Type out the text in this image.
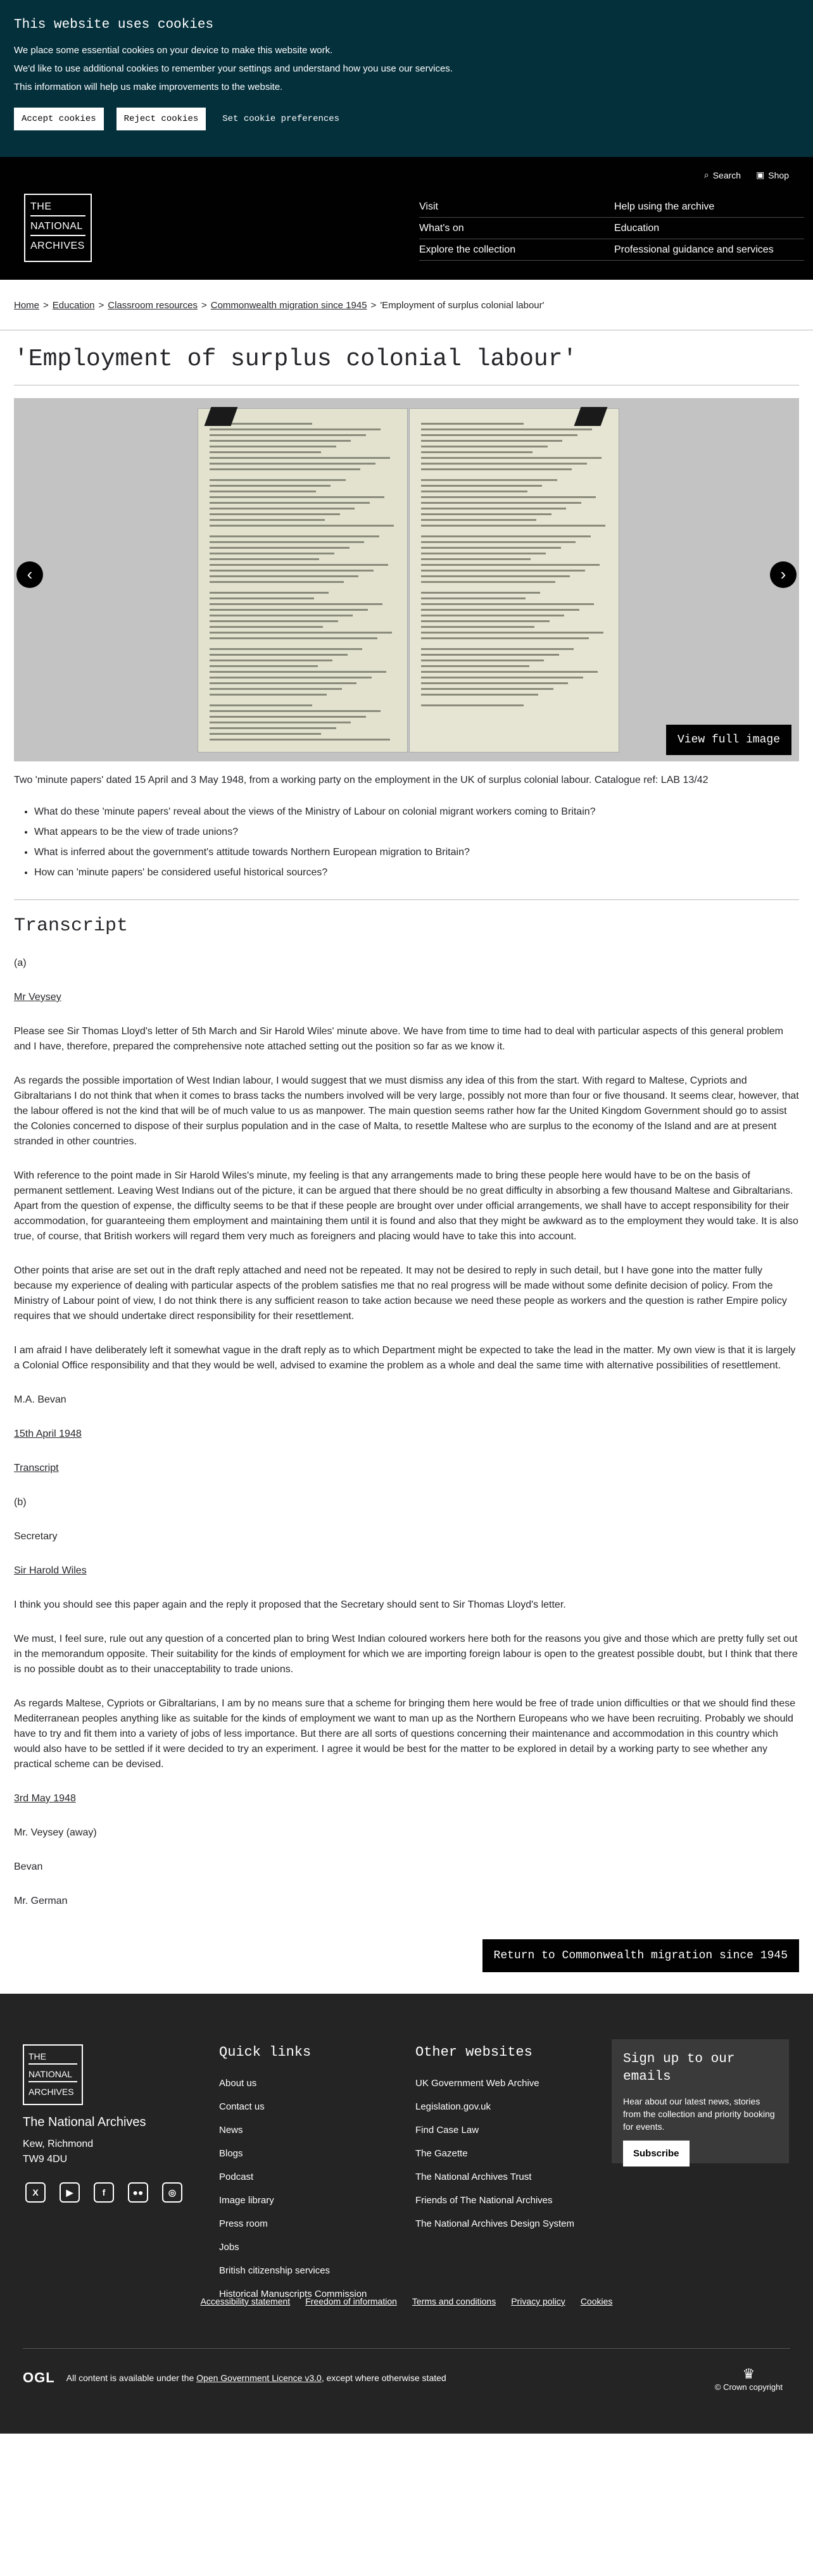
This website uses cookies

We place some essential cookies on your device to make this website work.

We'd like to use additional cookies to remember your settings and understand how you use our services.

This information will help us make improvements to the website.

Accept cookies	Reject cookies	Set cookie preferences
⌕ Search ▣ Shop
THE
NATIONAL
ARCHIVES
Visit	Help using the archive
What's on	Education
Explore the collection	Professional guidance and services
Home > Education > Classroom resources > Commonwealth migration since 1945 > 'Employment of surplus colonial labour'
'Employment of surplus colonial labour'
‹	›
View full image

Two 'minute papers' dated 15 April and 3 May 1948, from a working party on the employment in the UK of surplus colonial labour. Catalogue ref: LAB 13/42

• What do these 'minute papers' reveal about the views of the Ministry of Labour on colonial migrant workers coming to Britain?
• What appears to be the view of trade unions?
• What is inferred about the government's attitude towards Northern European migration to Britain?
• How can 'minute papers' be considered useful historical sources?
Transcript

(a)

Mr Veysey

Please see Sir Thomas Lloyd's letter of 5th March and Sir Harold Wiles' minute above. We have from time to time had to deal with particular aspects of this general problem and I have, therefore, prepared the comprehensive note attached setting out the position so far as we know it.

As regards the possible importation of West Indian labour, I would suggest that we must dismiss any idea of this from the start. With regard to Maltese, Cypriots and Gibraltarians I do not think that when it comes to brass tacks the numbers involved will be very large, possibly not more than four or five thousand. It seems clear, however, that the labour offered is not the kind that will be of much value to us as manpower. The main question seems rather how far the United Kingdom Government should go to assist the Colonies concerned to dispose of their surplus population and in the case of Malta, to resettle Maltese who are surplus to the economy of the Island and are at present stranded in other countries.

With reference to the point made in Sir Harold Wiles's minute, my feeling is that any arrangements made to bring these people here would have to be on the basis of permanent settlement. Leaving West Indians out of the picture, it can be argued that there should be no great difficulty in absorbing a few thousand Maltese and Gibraltarians. Apart from the question of expense, the difficulty seems to be that if these people are brought over under official arrangements, we shall have to accept responsibility for their accommodation, for guaranteeing them employment and maintaining them until it is found and also that they might be awkward as to the employment they would take. It is also true, of course, that British workers will regard them very much as foreigners and placing would have to take this into account.

Other points that arise are set out in the draft reply attached and need not be repeated. It may not be desired to reply in such detail, but I have gone into the matter fully because my experience of dealing with particular aspects of the problem satisfies me that no real progress will be made without some definite decision of policy. From the Ministry of Labour point of view, I do not think there is any sufficient reason to take action because we need these people as workers and the question is rather Empire policy requires that we should undertake direct responsibility for their resettlement.

I am afraid I have deliberately left it somewhat vague in the draft reply as to which Department might be expected to take the lead in the matter. My own view is that it is largely a Colonial Office responsibility and that they would be well, advised to examine the problem as a whole and deal the same time with alternative possibilities of resettlement.

M.A. Bevan

15th April 1948

Transcript

(b)

Secretary

Sir Harold Wiles

I think you should see this paper again and the reply it proposed that the Secretary should sent to Sir Thomas Lloyd's letter.

We must, I feel sure, rule out any question of a concerted plan to bring West Indian coloured workers here both for the reasons you give and those which are pretty fully set out in the memorandum opposite. Their suitability for the kinds of employment for which we are importing foreign labour is open to the greatest possible doubt, but I think that there is no possible doubt as to their unacceptability to trade unions.

As regards Maltese, Cypriots or Gibraltarians, I am by no means sure that a scheme for bringing them here would be free of trade union difficulties or that we should find these Mediterranean peoples anything like as suitable for the kinds of employment we want to man up as the Northern Europeans who we have been recruiting. Probably we should have to try and fit them into a variety of jobs of less importance. But there are all sorts of questions concerning their maintenance and accommodation in this country which would also have to be settled if it were decided to try an experiment. I agree it would be best for the matter to be explored in detail by a working party to see whether any practical scheme can be devised.

3rd May 1948

Mr. Veysey (away)

Bevan

Mr. German

Return to Commonwealth migration since 1945
THE
NATIONAL
ARCHIVES
The National Archives
Kew, Richmond
TW9 4DU
X	▶	f	●●	◎
Quick links
About us
Contact us
News
Blogs
Podcast
Image library
Press room
Jobs
British citizenship services
Historical Manuscripts Commission
Other websites
UK Government Web Archive
Legislation.gov.uk
Find Case Law
The Gazette
The National Archives Trust
Friends of The National Archives
The National Archives Design System
Sign up to our emails

Hear about our latest news, stories from the collection and priority booking for events.

Subscribe
Accessibility statement Freedom of information Terms and conditions Privacy policy Cookies
OGL All content is available under the Open Government Licence v3.0, except where otherwise stated	♛
© Crown copyright
